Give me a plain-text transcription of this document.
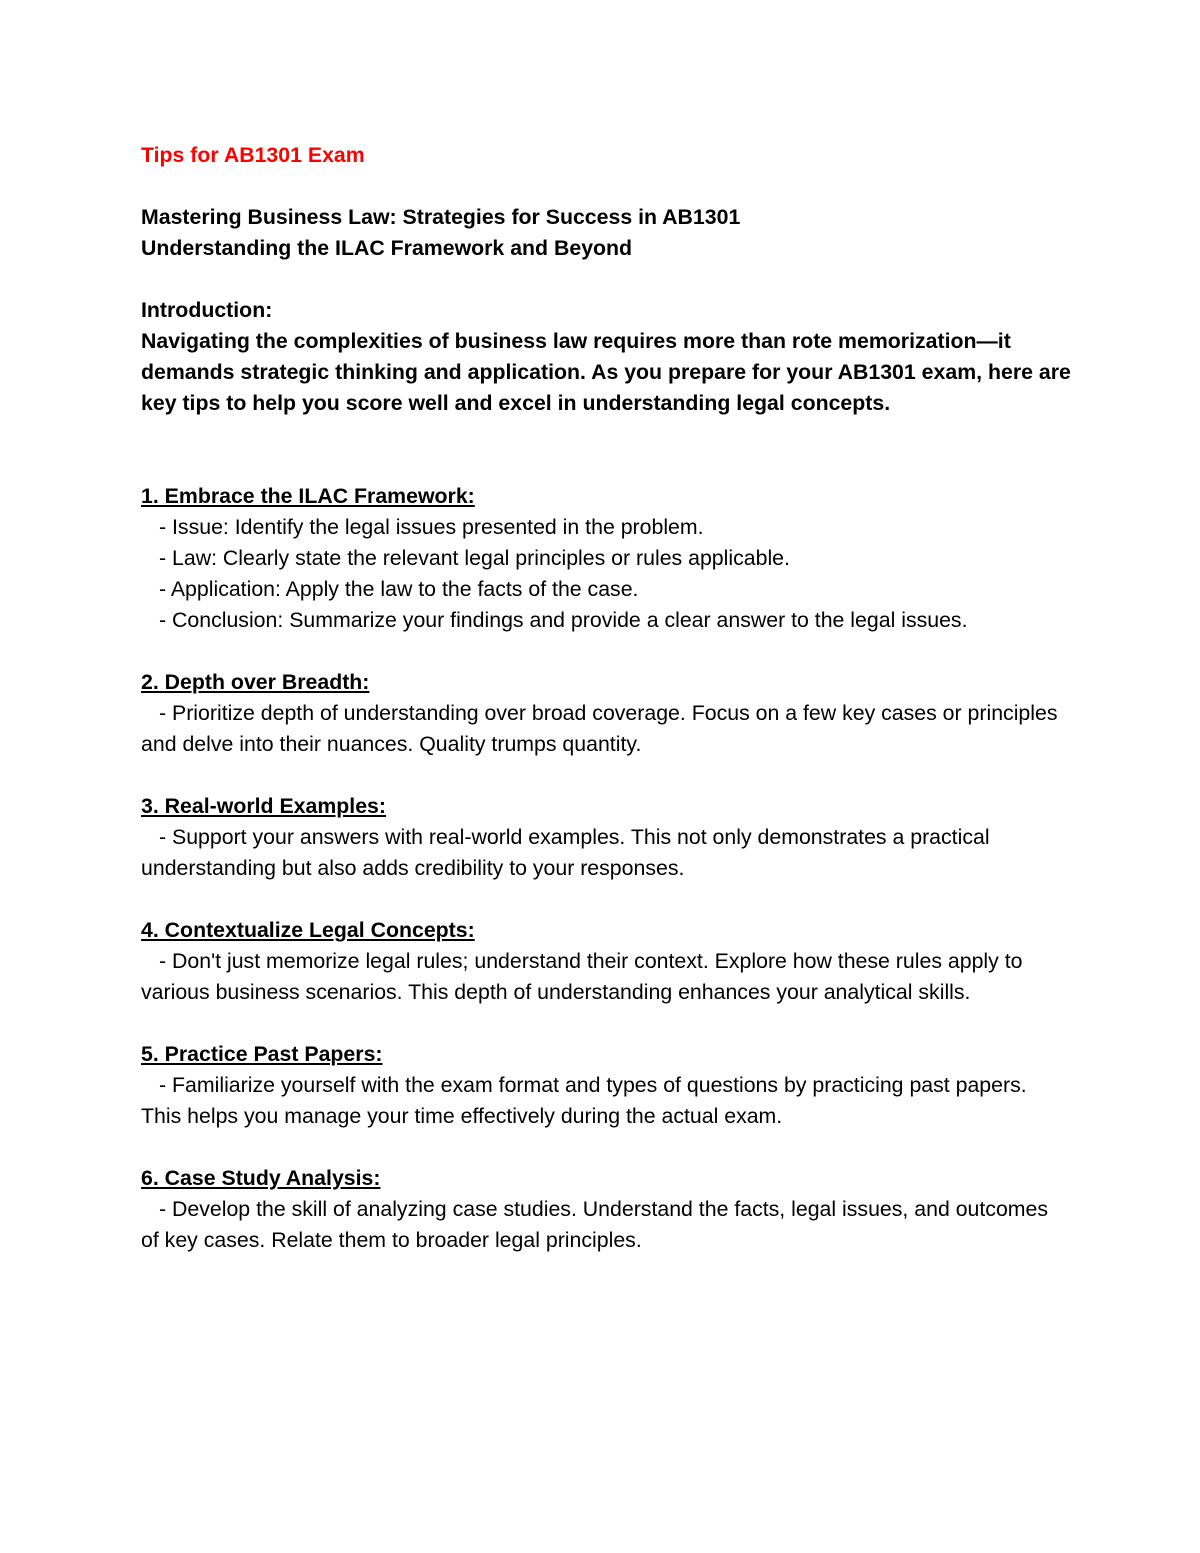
Tips for AB1301 Exam

Mastering Business Law: Strategies for Success in AB1301

Understanding the ILAC Framework and Beyond

Introduction:

Navigating the complexities of business law requires more than rote memorization—it demands strategic thinking and application. As you prepare for your AB1301 exam, here are key tips to help you score well and excel in understanding legal concepts.

1. Embrace the ILAC Framework:

- Issue: Identify the legal issues presented in the problem.

- Law: Clearly state the relevant legal principles or rules applicable.

- Application: Apply the law to the facts of the case.

- Conclusion: Summarize your findings and provide a clear answer to the legal issues.

2. Depth over Breadth:

- Prioritize depth of understanding over broad coverage. Focus on a few key cases or principles and delve into their nuances. Quality trumps quantity.

3. Real-world Examples:

- Support your answers with real-world examples. This not only demonstrates a practical understanding but also adds credibility to your responses.

4. Contextualize Legal Concepts:

- Don't just memorize legal rules; understand their context. Explore how these rules apply to various business scenarios. This depth of understanding enhances your analytical skills.

5. Practice Past Papers:

- Familiarize yourself with the exam format and types of questions by practicing past papers. This helps you manage your time effectively during the actual exam.

6. Case Study Analysis:

- Develop the skill of analyzing case studies. Understand the facts, legal issues, and outcomes of key cases. Relate them to broader legal principles.
